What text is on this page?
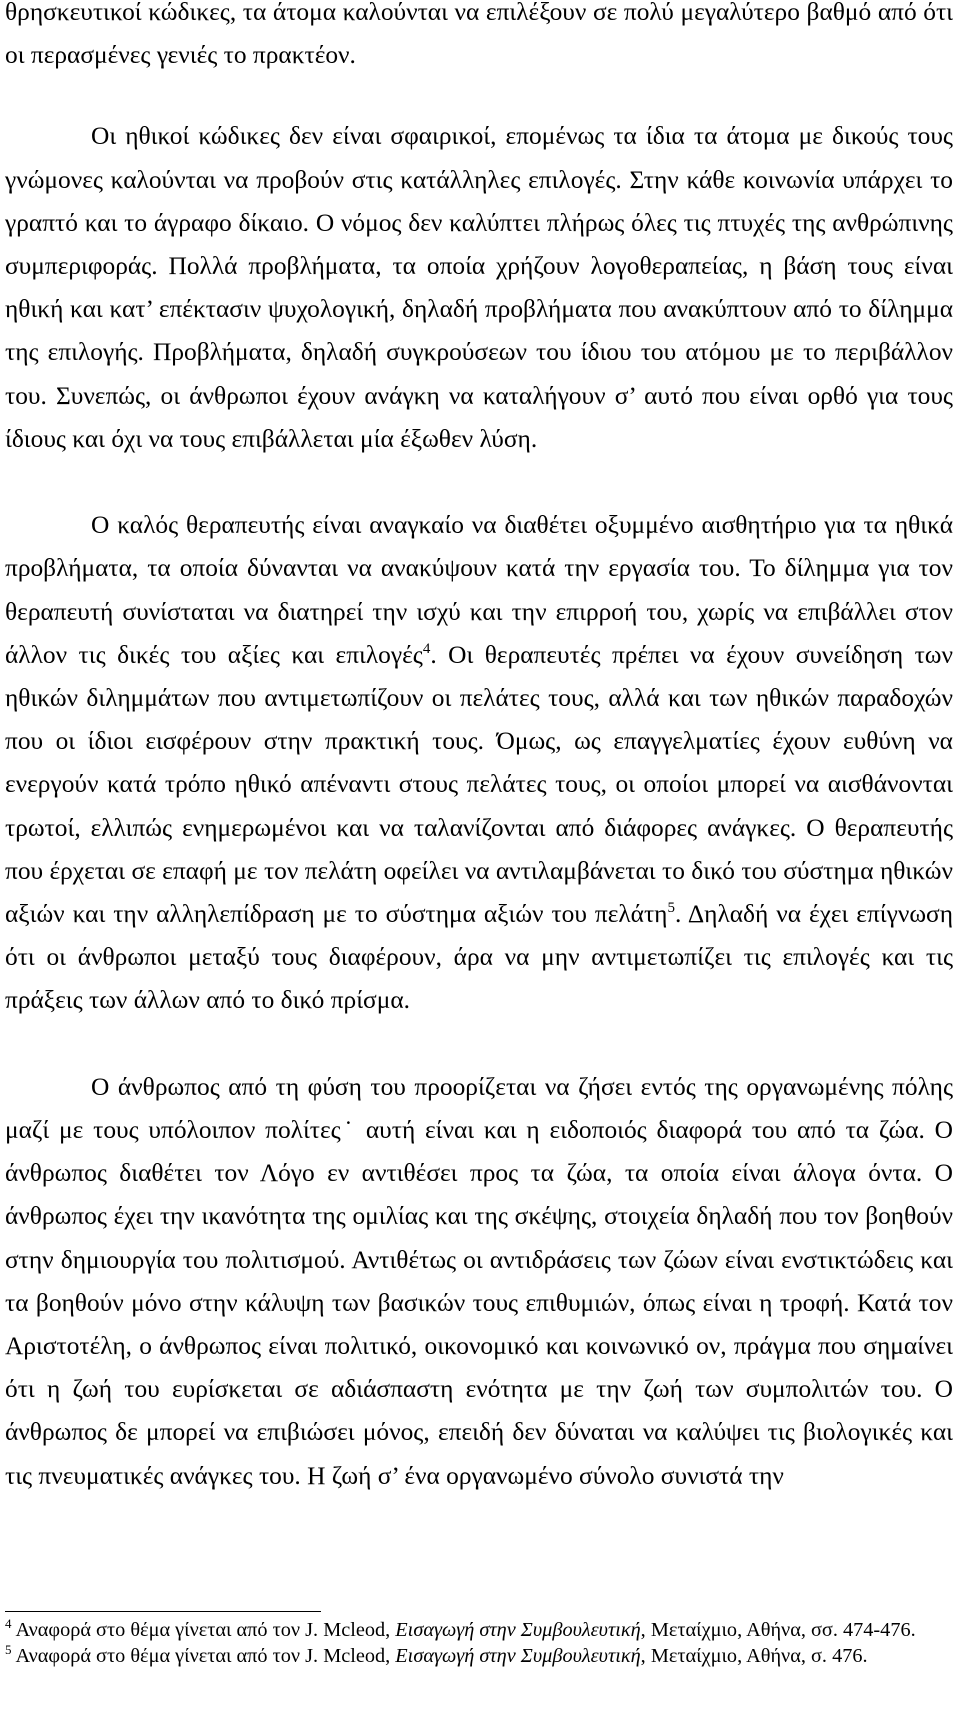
θρησκευτικοί κώδικες, τα άτομα καλούνται να επιλέξουν σε πολύ μεγαλύτερο βαθμό από ότι οι περασμένες γενιές το πρακτέον.

Οι ηθικοί κώδικες δεν είναι σφαιρικοί, επομένως τα ίδια τα άτομα με δικούς τους γνώμονες καλούνται να προβούν στις κατάλληλες επιλογές. Στην κάθε κοινωνία υπάρχει το γραπτό και το άγραφο δίκαιο. Ο νόμος δεν καλύπτει πλήρως όλες τις πτυχές της ανθρώπινης συμπεριφοράς. Πολλά προβλήματα, τα οποία χρήζουν λογοθεραπείας, η βάση τους είναι ηθική και κατ’ επέκτασιν ψυχολογική, δηλαδή προβλήματα που ανακύπτουν από το δίλημμα της επιλογής. Προβλήματα, δηλαδή συγκρούσεων του ίδιου του ατόμου με το περιβάλλον του. Συνεπώς, οι άνθρωποι έχουν ανάγκη να καταλήγουν σ’ αυτό που είναι ορθό για τους ίδιους και όχι να τους επιβάλλεται μία έξωθεν λύση.

Ο καλός θεραπευτής είναι αναγκαίο να διαθέτει οξυμμένο αισθητήριο για τα ηθικά προβλήματα, τα οποία δύνανται να ανακύψουν κατά την εργασία του. Το δίλημμα για τον θεραπευτή συνίσταται να διατηρεί την ισχύ και την επιρροή του, χωρίς να επιβάλλει στον άλλον τις δικές του αξίες και επιλογές$^4$. Οι θεραπευτές πρέπει να έχουν συνείδηση των ηθικών διλημμάτων που αντιμετωπίζουν οι πελάτες τους, αλλά και των ηθικών παραδοχών που οι ίδιοι εισφέρουν στην πρακτική τους. Όμως, ως επαγγελματίες έχουν ευθύνη να ενεργούν κατά τρόπο ηθικό απέναντι στους πελάτες τους, οι οποίοι μπορεί να αισθάνονται τρωτοί, ελλιπώς ενημερωμένοι και να ταλανίζονται από διάφορες ανάγκες. Ο θεραπευτής που έρχεται σε επαφή με τον πελάτη οφείλει να αντιλαμβάνεται το δικό του σύστημα ηθικών αξιών και την αλληλεπίδραση με το σύστημα αξιών του πελάτη$^5$. Δηλαδή να έχει επίγνωση ότι οι άνθρωποι μεταξύ τους διαφέρουν, άρα να μην αντιμετωπίζει τις επιλογές και τις πράξεις των άλλων από το δικό πρίσμα.

Ο άνθρωπος από τη φύση του προορίζεται να ζήσει εντός της οργανωμένης πόλης μαζί με τους υπόλοιπον πολίτες˙ αυτή είναι και η ειδοποιός διαφορά του από τα ζώα. Ο άνθρωπος διαθέτει τον Λόγο εν αντιθέσει προς τα ζώα, τα οποία είναι άλογα όντα. Ο άνθρωπος έχει την ικανότητα της ομιλίας και της σκέψης, στοιχεία δηλαδή που τον βοηθούν στην δημιουργία του πολιτισμού. Αντιθέτως οι αντιδράσεις των ζώων είναι ενστικτώδεις και τα βοηθούν μόνο στην κάλυψη των βασικών τους επιθυμιών, όπως είναι η τροφή. Κατά τον Αριστοτέλη, ο άνθρωπος είναι πολιτικό, οικονομικό και κοινωνικό ον, πράγμα που σημαίνει ότι η ζωή του ευρίσκεται σε αδιάσπαστη ενότητα με την ζωή των συμπολιτών του. Ο άνθρωπος δε μπορεί να επιβιώσει μόνος, επειδή δεν δύναται να καλύψει τις βιολογικές και τις πνευματικές ανάγκες του. Η ζωή σ’ ένα οργανωμένο σύνολο συνιστά την

$^4$ Αναφορά στο θέμα γίνεται από τον J. Mcleod, Εισαγωγή στην Συμβουλευτική, Μεταίχμιο, Αθήνα, σσ. 474-476.

$^5$ Αναφορά στο θέμα γίνεται από τον J. Mcleod, Εισαγωγή στην Συμβουλευτική, Μεταίχμιο, Αθήνα, σ. 476.
